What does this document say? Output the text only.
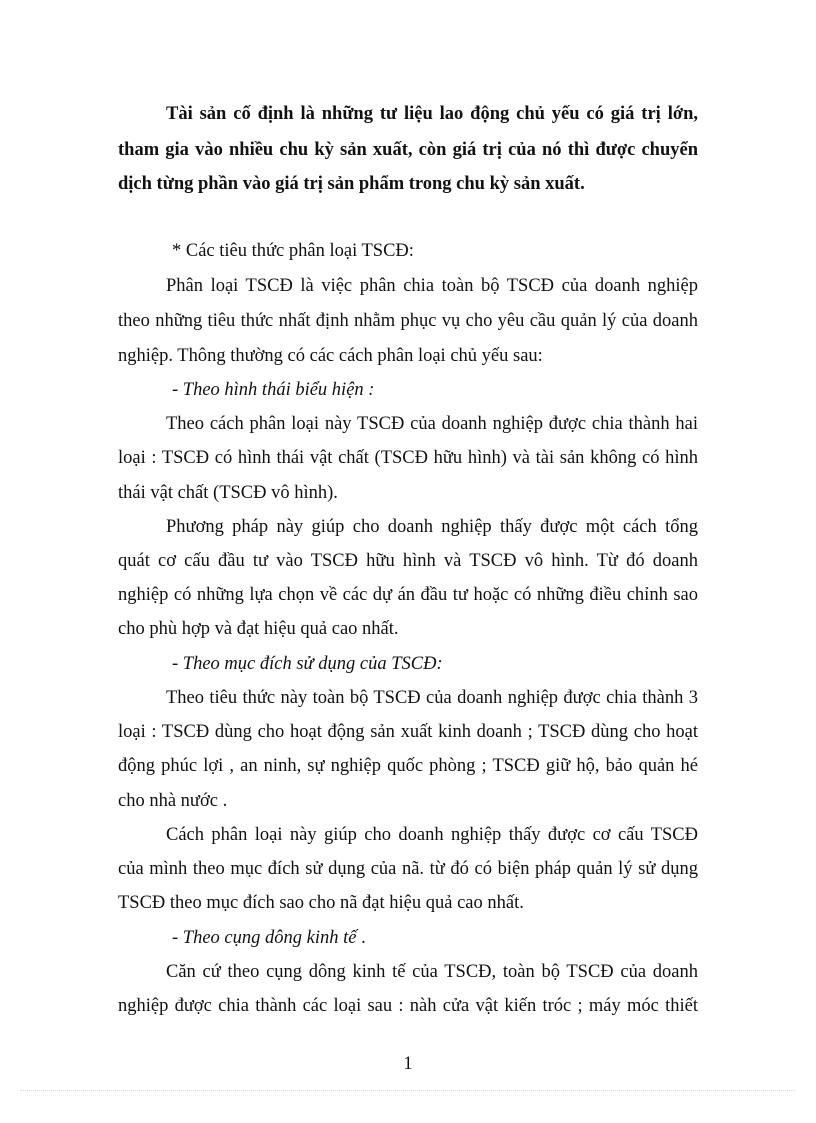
Tài sản cố định là những tư liệu lao động chủ yếu có giá trị lớn,
tham gia vào nhiều chu kỳ sản xuất, còn giá trị của nó thì được chuyển
dịch từng phần vào giá trị sản phẩm trong chu kỳ sản xuất.
* Các tiêu thức phân loại TSCĐ:
Phân loại TSCĐ là việc phân chia toàn bộ TSCĐ của doanh nghiệp
theo những tiêu thức nhất định nhằm phục vụ cho yêu cầu quản lý của doanh
nghiệp. Thông thường có các cách phân loại chủ yếu sau:
- Theo hình thái biểu hiện :
Theo cách phân loại này TSCĐ của doanh nghiệp được chia thành hai
loại : TSCĐ có hình thái vật chất (TSCĐ hữu hình) và tài sản không có hình
thái vật chất (TSCĐ vô hình).
Phương pháp này giúp cho doanh nghiệp thấy được một cách tổng
quát cơ cấu đầu tư vào TSCĐ hữu hình và TSCĐ vô hình. Từ đó doanh
nghiệp có những lựa chọn về các dự án đầu tư hoặc có những điều chỉnh sao
cho phù hợp và đạt hiệu quả cao nhất.
- Theo mục đích sử dụng của TSCĐ:
Theo tiêu thức này toàn bộ TSCĐ của doanh nghiệp được chia thành 3
loại : TSCĐ dùng cho hoạt động sản xuất kinh doanh ; TSCĐ dùng cho hoạt
động phúc lợi , an ninh, sự nghiệp quốc phòng ; TSCĐ giữ hộ, bảo quản hé
cho nhà nước .
Cách phân loại này giúp cho doanh nghiệp thấy được cơ cấu TSCĐ
của mình theo mục đích sử dụng của nã. từ đó có biện pháp quản lý sử dụng
TSCĐ theo mục đích sao cho nã đạt hiệu quả cao nhất.
- Theo cụng dông kinh tế .
Căn cứ theo cụng dông kinh tế của TSCĐ, toàn bộ TSCĐ của doanh
nghiệp được chia thành các loại sau : nàh cửa vật kiến tróc ; máy móc thiết
1
